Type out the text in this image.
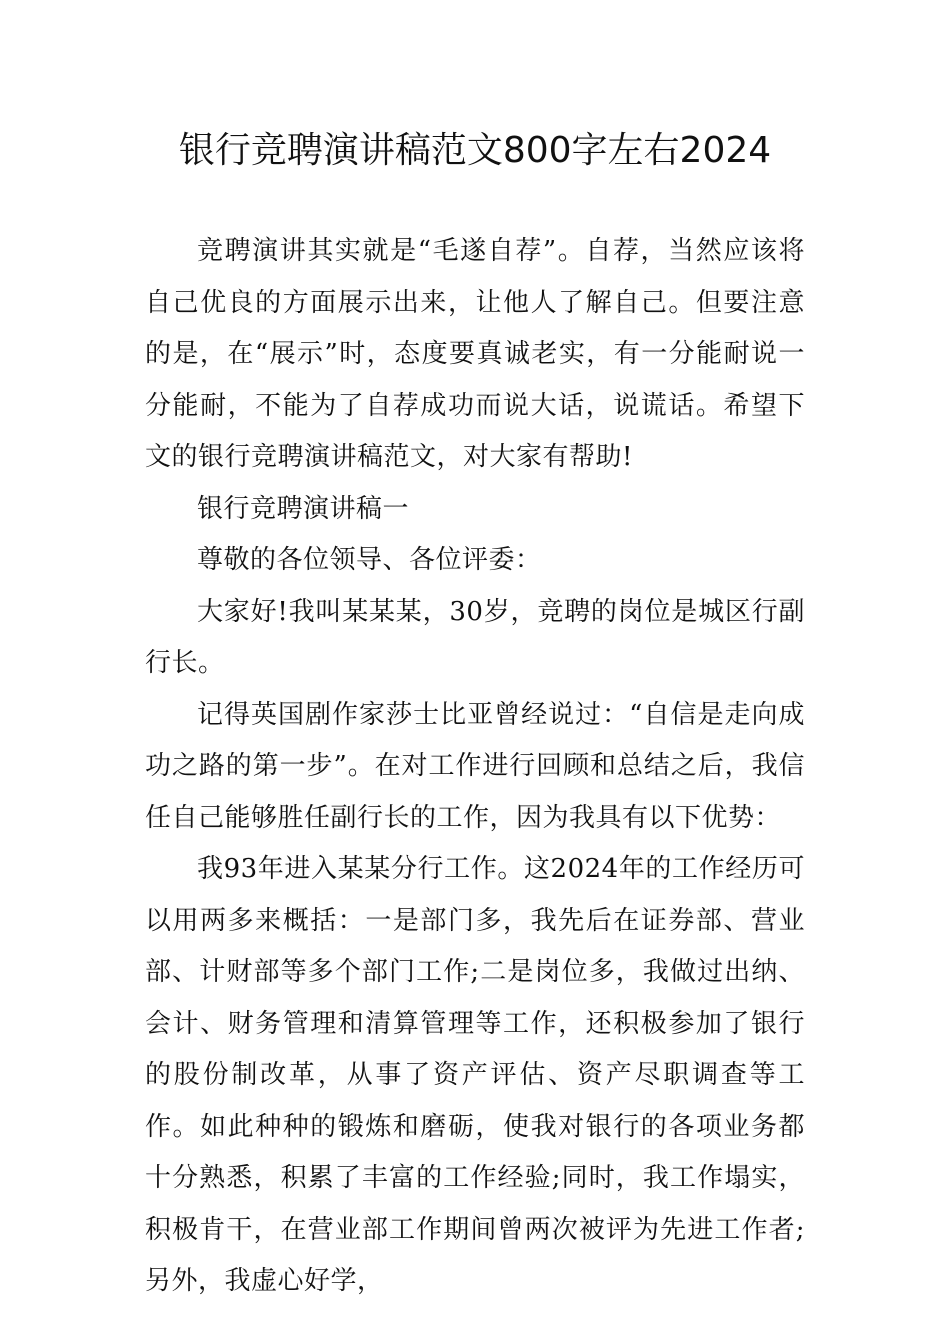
银行竞聘演讲稿范文800字左右2024

竞聘演讲其实就是“毛遂自荐”。自荐，当然应该将自己优良的方面展示出来，让他人了解自己。但要注意的是，在“展示”时，态度要真诚老实，有一分能耐说一分能耐，不能为了自荐成功而说大话，说谎话。希望下文的银行竞聘演讲稿范文，对大家有帮助!

银行竞聘演讲稿一

尊敬的各位领导、各位评委：

大家好!我叫某某某，30岁，竞聘的岗位是城区行副行长。

记得英国剧作家莎士比亚曾经说过：“自信是走向成功之路的第一步”。在对工作进行回顾和总结之后，我信任自己能够胜任副行长的工作，因为我具有以下优势：

我93年进入某某分行工作。这2024年的工作经历可以用两多来概括：一是部门多，我先后在证券部、营业部、计财部等多个部门工作;二是岗位多，我做过出纳、会计、财务管理和清算管理等工作，还积极参加了银行的股份制改革，从事了资产评估、资产尽职调查等工作。如此种种的锻炼和磨砺，使我对银行的各项业务都十分熟悉，积累了丰富的工作经验;同时，我工作塌实，积极肯干，在营业部工作期间曾两次被评为先进工作者;另外，我虚心好学，
